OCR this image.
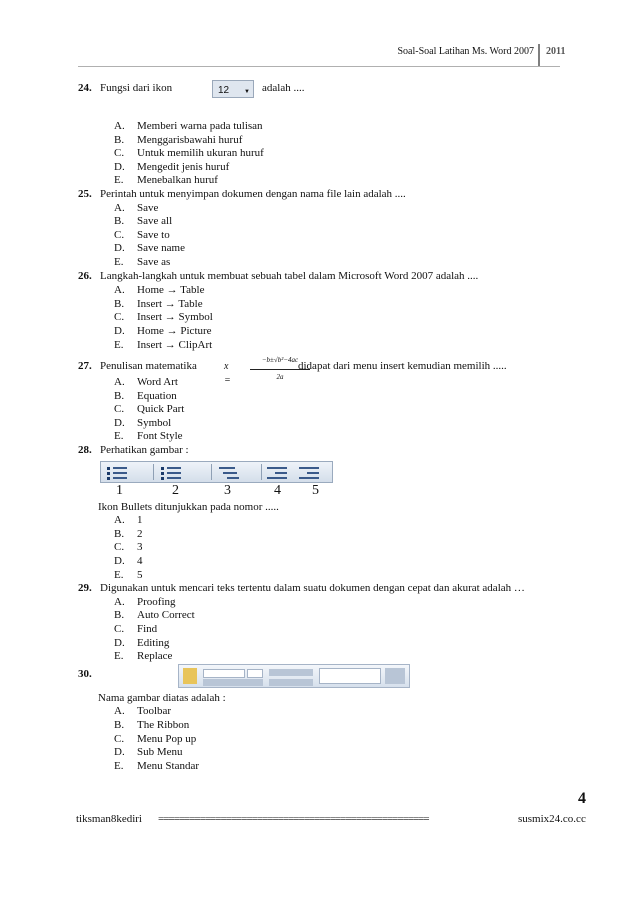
Soal-Soal Latihan Ms. Word 2007 2011
24. Fungsi dari ikon	12 ▼ adalah ....
A. Memberi warna pada tulisan
B. Menggarisbawahi huruf
C. Untuk memilih ukuran huruf
D. Mengedit jenis huruf
E. Menebalkan huruf
25. Perintah untuk menyimpan dokumen dengan nama file lain adalah ....
A. Save
B. Save all
C. Save to
D. Save name
E. Save as
26. Langkah-langkah untuk membuat sebuah tabel dalam Microsoft Word 2007 adalah ....
A. Home → Table
B. Insert → Table
C. Insert → Symbol
D. Home → Picture
E. Insert → ClipArt
27. Penulisan matematika	x =
−b±√b²−4ac
2a
didapat dari menu insert kemudian memilih .....
A. Word Art
B. Equation
C. Quick Part
D. Symbol
E. Font Style
28. Perhatikan gambar :
1	2	3	4 5
Ikon Bullets ditunjukkan pada nomor .....
A. 1
B. 2
C. 3
D. 4
E. 5
29. Digunakan untuk mencari teks tertentu dalam suatu dokumen dengan cepat dan akurat adalah …
A. Proofing
B. Auto Correct
C. Find
D. Editing
E. Replace
30.
Nama gambar diatas adalah :
A. Toolbar
B. The Ribbon
C. Menu Pop up
D. Sub Menu
E. Menu Standar
4
tiksman8kediri ====================================================	susmix24.co.cc
